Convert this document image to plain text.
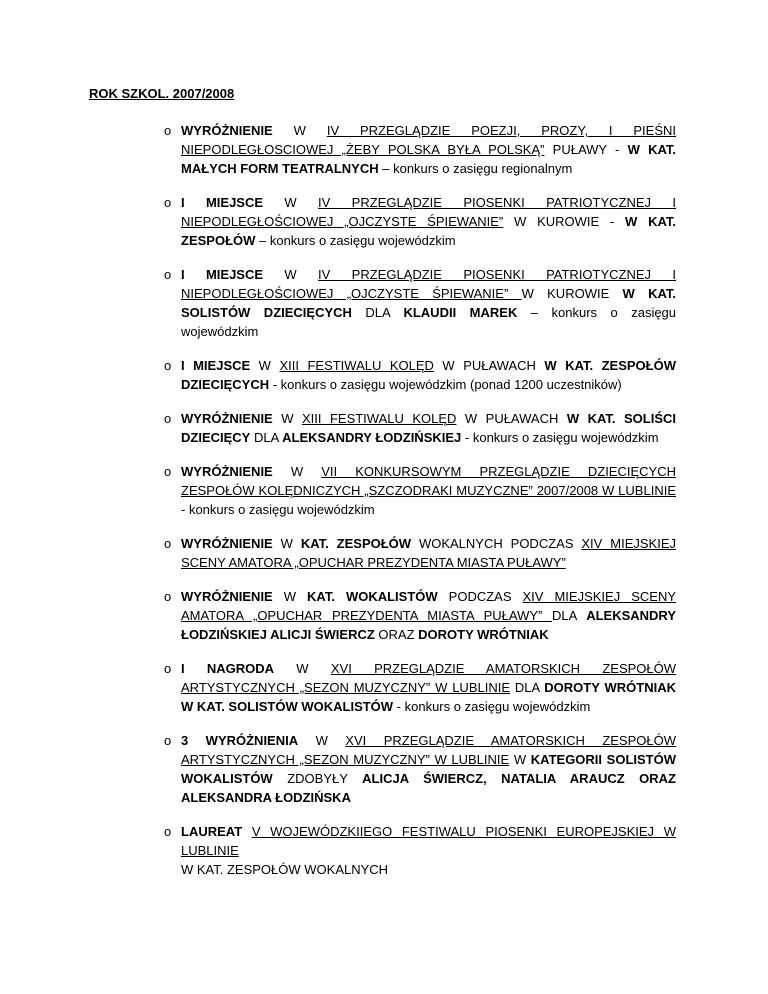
ROK SZKOL. 2007/2008
o WYRÓŻNIENIE W IV PRZEGLĄDZIE POEZJI, PROZY, I PIEŚNI NIEPODLEGŁOSCIOWEJ „ŻEBY POLSKA BYŁA POLSKĄ” PUŁAWY - W KAT. MAŁYCH FORM TEATRALNYCH – konkurs o zasięgu regionalnym
o I MIEJSCE W IV PRZEGLĄDZIE PIOSENKI PATRIOTYCZNEJ I NIEPODLEGŁOŚCIOWEJ „OJCZYSTE ŚPIEWANIE” W KUROWIE - W KAT. ZESPOŁÓW – konkurs o zasięgu wojewódzkim
o I MIEJSCE W IV PRZEGLĄDZIE PIOSENKI PATRIOTYCZNEJ I NIEPODLEGŁOŚCIOWEJ „OJCZYSTE ŚPIEWANIE” W KUROWIE W KAT. SOLISTÓW DZIECIĘCYCH DLA KLAUDII MAREK – konkurs o zasięgu wojewódzkim
o I MIEJSCE W XIII FESTIWALU KOLĘD W PUŁAWACH W KAT. ZESPOŁÓW DZIECIĘCYCH - konkurs o zasięgu wojewódzkim (ponad 1200 uczestników)
o WYRÓŻNIENIE W XIII FESTIWALU KOLĘD W PUŁAWACH W KAT. SOLIŚCI DZIECIĘCY DLA ALEKSANDRY ŁODZIŃSKIEJ - konkurs o zasięgu wojewódzkim
o WYRÓŻNIENIE W VII KONKURSOWYM PRZEGLĄDZIE DZIECIĘCYCH ZESPOŁÓW KOLĘDNICZYCH „SZCZODRAKI MUZYCZNE” 2007/2008 W LUBLINIE - konkurs o zasięgu wojewódzkim
o WYRÓŻNIENIE W KAT. ZESPOŁÓW WOKALNYCH PODCZAS XIV MIEJSKIEJ SCENY AMATORA „OPUCHAR PREZYDENTA MIASTA PUŁAWY”
o WYRÓŻNIENIE W KAT. WOKALISTÓW PODCZAS XIV MIEJSKIEJ SCENY AMATORA „OPUCHAR PREZYDENTA MIASTA PUŁAWY” DLA ALEKSANDRY ŁODZIŃSKIEJ ALICJI ŚWIERCZ ORAZ DOROTY WRÓTNIAK
o I NAGRODA W XVI PRZEGLĄDZIE AMATORSKICH ZESPOŁÓW ARTYSTYCZNYCH „SEZON MUZYCZNY” W LUBLINIE DLA DOROTY WRÓTNIAK W KAT. SOLISTÓW WOKALISTÓW - konkurs o zasięgu wojewódzkim
o 3 WYRÓŻNIENIA W XVI PRZEGLĄDZIE AMATORSKICH ZESPOŁÓW ARTYSTYCZNYCH „SEZON MUZYCZNY” W LUBLINIE W KATEGORII SOLISTÓW WOKALISTÓW ZDOBYŁY ALICJA ŚWIERCZ, NATALIA ARAUCZ ORAZ ALEKSANDRA ŁODZIŃSKA
o LAUREAT V WOJEWÓDZKIIEGO FESTIWALU PIOSENKI EUROPEJSKIEJ W LUBLINIE
W KAT. ZESPOŁÓW WOKALNYCH
